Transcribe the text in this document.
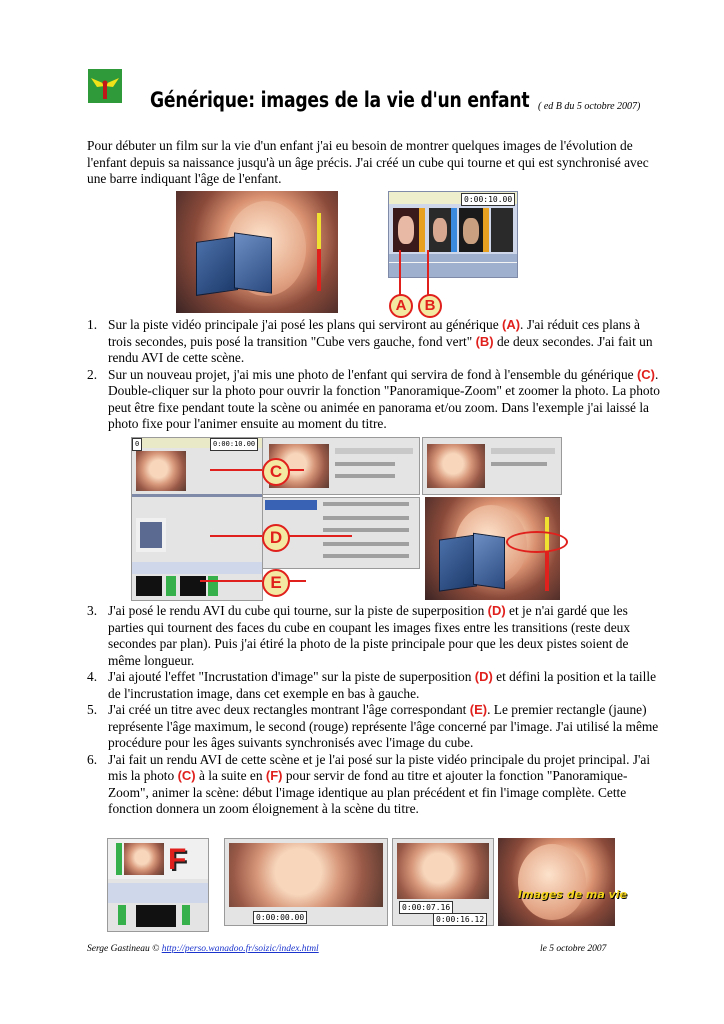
Générique: images de la vie d'un enfant ( ed B du 5 octobre 2007)
Pour débuter un film sur la vie d'un enfant j'ai eu besoin de montrer quelques images de l'évolution de l'enfant depuis sa naissance jusqu'à un âge précis. J'ai créé un cube qui tourne et qui est synchronisé avec une barre indiquant l'âge de l'enfant.
0:00:10.00
A	B
1. Sur la piste vidéo principale j'ai posé les plans qui serviront au générique (A). J'ai réduit ces plans à trois secondes, puis posé la transition "Cube vers gauche, fond vert" (B) de deux secondes. J'ai fait un rendu AVI de cette scène.
2. Sur un nouveau projet, j'ai mis une photo de l'enfant qui servira de fond à l'ensemble du générique (C). Double-cliquer sur la photo pour ouvrir la fonction "Panoramique-Zoom" et zoomer la photo. La photo peut être fixe pendant toute la scène ou animée en panorama et/ou zoom. Dans l'exemple j'ai laissé la photo fixe pour l'animer ensuite au moment du titre.
0	0:00:10.00
C
D
E
3. J'ai posé le rendu AVI du cube qui tourne, sur la piste de superposition (D) et je n'ai gardé que les parties qui tournent des faces du cube en coupant les images fixes entre les transitions (reste deux secondes par plan). Puis j'ai étiré la photo de la piste principale pour que les deux pistes soient de même longueur.
4. J'ai ajouté l'effet "Incrustation d'image" sur la piste de superposition (D) et défini la position et la taille de l'incrustation image, dans cet exemple en bas à gauche.
5. J'ai créé un titre avec deux rectangles montrant l'âge correspondant (E). Le premier rectangle (jaune) représente l'âge maximum, le second (rouge) représente l'âge concerné par l'image. J'ai utilisé la même procédure pour les âges suivants synchronisés avec l'image du cube.
6. J'ai fait un rendu AVI de cette scène et je l'ai posé sur la piste vidéo principale du projet principal. J'ai mis la photo (C) à la suite en (F) pour servir de fond au titre et ajouter la fonction "Panoramique-Zoom", animer la scène: début l'image identique au plan précédent et fin l'image complète. Cette fonction donnera un zoom éloignement à la scène du titre.
F
0:00:00.00
0:00:07.16
0:00:16.12
Images de ma vie
Serge Gastineau © http://perso.wanadoo.fr/soizic/index.html	le 5 octobre 2007
